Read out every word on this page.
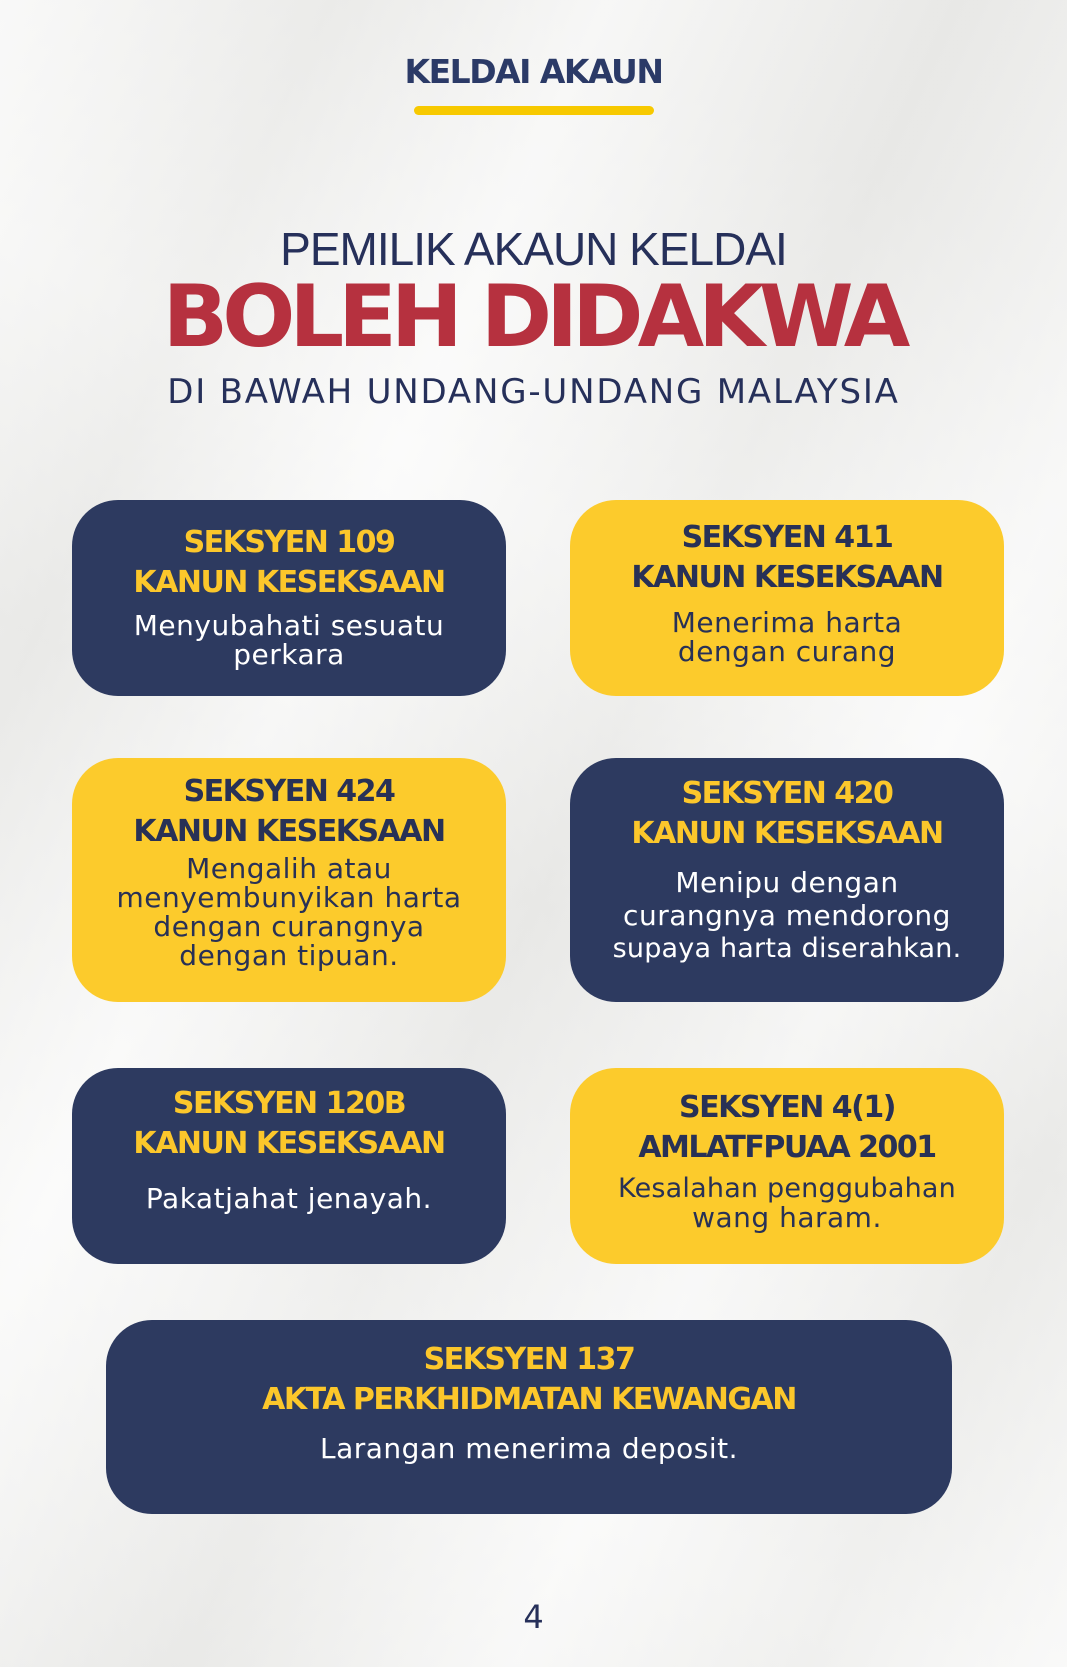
KELDAI AKAUN
PEMILIK AKAUN KELDAI
BOLEH DIDAKWA
DI BAWAH UNDANG-UNDANG MALAYSIA
SEKSYEN 109
KANUN KESEKSAAN
Menyubahati sesuatu
perkara
SEKSYEN 411
KANUN KESEKSAAN
Menerima harta
dengan curang
SEKSYEN 424
KANUN KESEKSAAN
Mengalih atau
menyembunyikan harta
dengan curangnya
dengan tipuan.
SEKSYEN 420
KANUN KESEKSAAN
Menipu dengan
curangnya mendorong
supaya harta diserahkan.
SEKSYEN 120B
KANUN KESEKSAAN
Pakatjahat jenayah.
SEKSYEN 4(1)
AMLATFPUAA 2001
Kesalahan penggubahan
wang haram.
SEKSYEN 137
AKTA PERKHIDMATAN KEWANGAN
Larangan menerima deposit.
4
